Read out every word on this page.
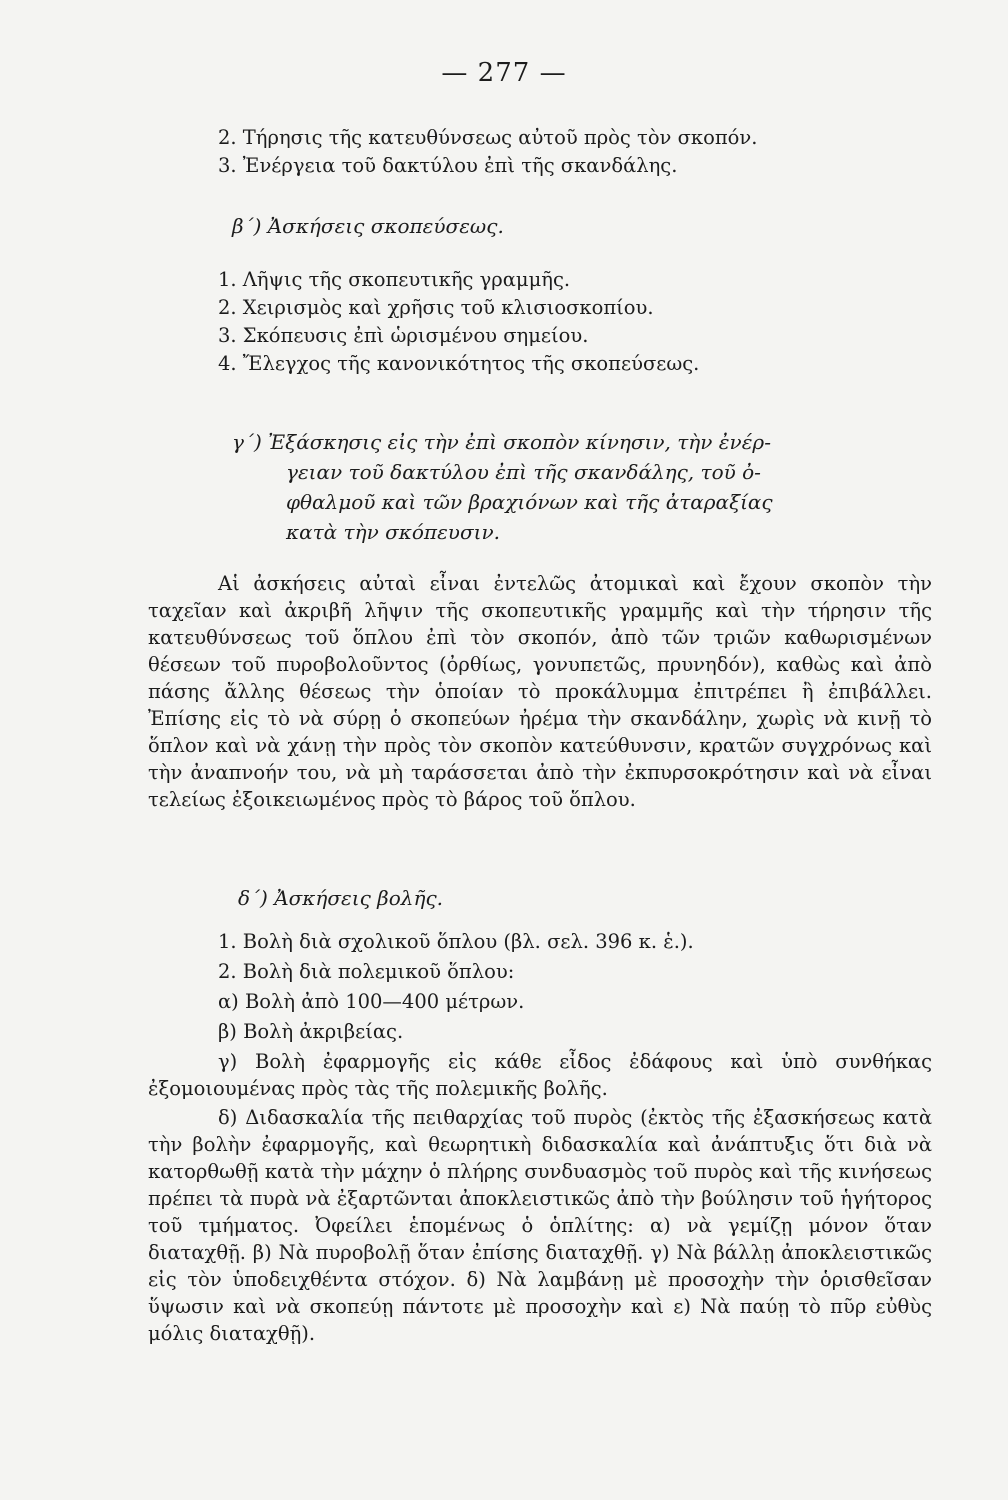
— 277 —
2. Τήρησις τῆς κατευθύνσεως αὐτοῦ πρὸς τὸν σκοπόν.
3. Ἐνέργεια τοῦ δακτύλου ἐπὶ τῆς σκανδάλης.
β΄) Ἀσκήσεις σκοπεύσεως.
1. Λῆψις τῆς σκοπευτικῆς γραμμῆς.
2. Χειρισμὸς καὶ χρῆσις τοῦ κλισιοσκοπίου.
3. Σκόπευσις ἐπὶ ὡρισμένου σημείου.
4. Ἔλεγχος τῆς κανονικότητος τῆς σκοπεύσεως.
γ΄) Ἐξάσκησις εἰς τὴν ἐπὶ σκοπὸν κίνησιν, τὴν ἐνέρ-
γειαν τοῦ δακτύλου ἐπὶ τῆς σκανδάλης, τοῦ ὀ-
φθαλμοῦ καὶ τῶν βραχιόνων καὶ τῆς ἀταραξίας
κατὰ τὴν σκόπευσιν.
Αἱ ἀσκήσεις αὐταὶ εἶναι ἐντελῶς ἀτομικαὶ καὶ ἔχουν σκοπὸν τὴν ταχεῖαν καὶ ἀκριβῆ λῆψιν τῆς σκοπευτικῆς γραμμῆς καὶ τὴν τήρησιν τῆς κατευθύνσεως τοῦ ὅπλου ἐπὶ τὸν σκοπόν, ἀπὸ τῶν τριῶν καθωρισμένων θέσεων τοῦ πυροβολοῦντος (ὀρθίως, γονυπετῶς, πρυνηδόν), καθὼς καὶ ἀπὸ πάσης ἄλλης θέσεως τὴν ὁποίαν τὸ προκάλυμμα ἐπιτρέπει ἢ ἐπιβάλλει. Ἐπίσης εἰς τὸ νὰ σύρῃ ὁ σκοπεύων ἠρέμα τὴν σκανδάλην, χωρὶς νὰ κινῇ τὸ ὅπλον καὶ νὰ χάνῃ τὴν πρὸς τὸν σκοπὸν κατεύθυνσιν, κρατῶν συγχρόνως καὶ τὴν ἀναπνοήν του, νὰ μὴ ταράσσεται ἀπὸ τὴν ἐκπυρσοκρότησιν καὶ νὰ εἶναι τελείως ἐξοικειωμένος πρὸς τὸ βάρος τοῦ ὅπλου.
δ΄) Ἀσκήσεις βολῆς.
1. Βολὴ διὰ σχολικοῦ ὅπλου (βλ. σελ. 396 κ. ἑ.).
2. Βολὴ διὰ πολεμικοῦ ὅπλου:
α) Βολὴ ἀπὸ 100—400 μέτρων.
β) Βολὴ ἀκριβείας.
γ) Βολὴ ἐφαρμογῆς εἰς κάθε εἶδος ἐδάφους καὶ ὑπὸ συνθήκας ἐξομοιουμένας πρὸς τὰς τῆς πολεμικῆς βολῆς.
δ) Διδασκαλία τῆς πειθαρχίας τοῦ πυρὸς (ἐκτὸς τῆς ἐξασκήσεως κατὰ τὴν βολὴν ἐφαρμογῆς, καὶ θεωρητικὴ διδασκαλία καὶ ἀνάπτυξις ὅτι διὰ νὰ κατορθωθῇ κατὰ τὴν μάχην ὁ πλήρης συνδυασμὸς τοῦ πυρὸς καὶ τῆς κινήσεως πρέπει τὰ πυρὰ νὰ ἐξαρτῶνται ἀποκλειστικῶς ἀπὸ τὴν βούλησιν τοῦ ἡγήτορος τοῦ τμήματος. Ὀφείλει ἑπομένως ὁ ὁπλίτης: α) νὰ γεμίζῃ μόνον ὅταν διαταχθῇ. β) Νὰ πυροβολῇ ὅταν ἐπίσης διαταχθῇ. γ) Νὰ βάλλῃ ἀποκλειστικῶς εἰς τὸν ὑποδειχθέντα στόχον. δ) Νὰ λαμβάνῃ μὲ προσοχὴν τὴν ὁρισθεῖσαν ὕψωσιν καὶ νὰ σκοπεύῃ πάντοτε μὲ προσοχὴν καὶ ε) Νὰ παύῃ τὸ πῦρ εὐθὺς μόλις διαταχθῇ).
